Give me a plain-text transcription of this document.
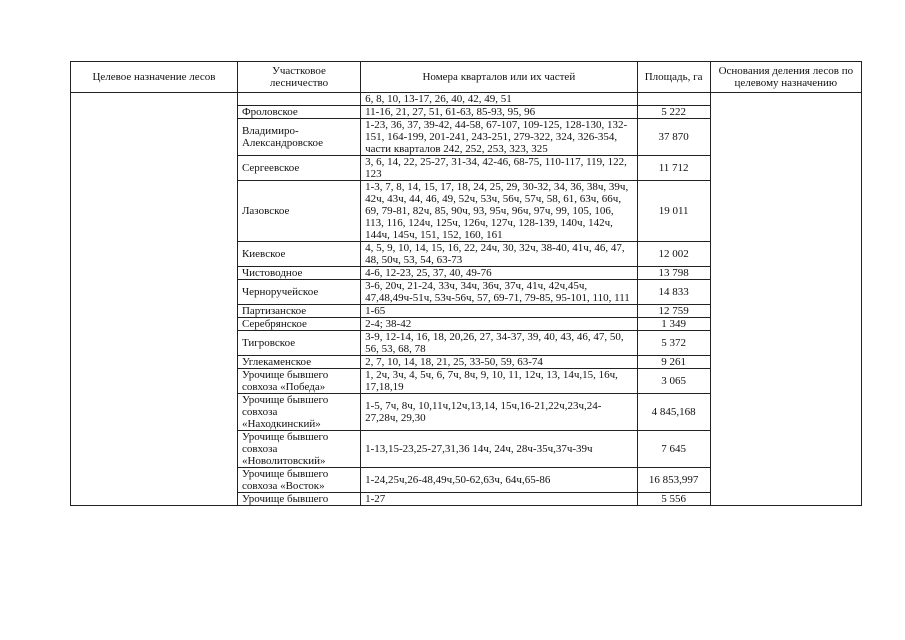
Целевое назначение лесов	Участковое лесничество	Номера кварталов или их частей	Площадь, га	Основания деления лесов по целевому назначению
		6, 8, 10, 13-17, 26, 40, 42, 49, 51		
	Фроловское	11-16, 21, 27, 51, 61-63, 85-93, 95, 96	5 222	
	Владимиро-Александровское	1-23, 36, 37, 39-42, 44-58, 67-107, 109-125, 128-130, 132-151, 164-199, 201-241, 243-251, 279-322, 324, 326-354, части кварталов 242, 252, 253, 323, 325	37 870	
	Сергеевское	3, 6, 14, 22, 25-27, 31-34, 42-46, 68-75, 110-117, 119, 122, 123	11 712	
	Лазовское	1-3, 7, 8, 14, 15, 17, 18, 24, 25, 29, 30-32, 34, 36, 38ч, 39ч, 42ч, 43ч, 44, 46, 49, 52ч, 53ч, 56ч, 57ч, 58, 61, 63ч, 66ч, 69, 79-81, 82ч, 85, 90ч, 93, 95ч, 96ч, 97ч, 99, 105, 106, 113, 116, 124ч, 125ч, 126ч, 127ч, 128-139, 140ч, 142ч, 144ч, 145ч, 151, 152, 160, 161	19 011	
	Киевское	4, 5, 9, 10, 14, 15, 16, 22, 24ч, 30, 32ч, 38-40, 41ч, 46, 47, 48, 50ч, 53, 54, 63-73	12 002	
	Чистоводное	4-6, 12-23, 25, 37, 40, 49-76	13 798	
	Черноручейское	3-6, 20ч, 21-24, 33ч, 34ч, 36ч, 37ч, 41ч, 42ч,45ч, 47,48,49ч-51ч, 53ч-56ч, 57, 69-71, 79-85, 95-101, 110, 111	14 833	
	Партизанское	1-65	12 759	
	Серебрянское	2-4; 38-42	1 349	
	Тигровское	3-9, 12-14, 16, 18, 20,26, 27, 34-37, 39, 40, 43, 46, 47, 50, 56, 53, 68, 78	5 372	
	Углекаменское	2, 7, 10, 14, 18, 21, 25, 33-50, 59, 63-74	9 261	
	Урочище бывшего совхоза «Победа»	1, 2ч, 3ч, 4, 5ч, 6, 7ч, 8ч, 9, 10, 11, 12ч, 13, 14ч,15, 16ч, 17,18,19	3 065	
	Урочище бывшего совхоза «Находкинский»	1-5, 7ч, 8ч, 10,11ч,12ч,13,14, 15ч,16-21,22ч,23ч,24-27,28ч, 29,30	4 845,168	
	Урочище бывшего совхоза «Новолитовский»	1-13,15-23,25-27,31,36 14ч, 24ч, 28ч-35ч,37ч-39ч	7 645	
	Урочище бывшего совхоза «Восток»	1-24,25ч,26-48,49ч,50-62,63ч, 64ч,65-86	16 853,997	
	Урочище бывшего	1-27	5 556	
